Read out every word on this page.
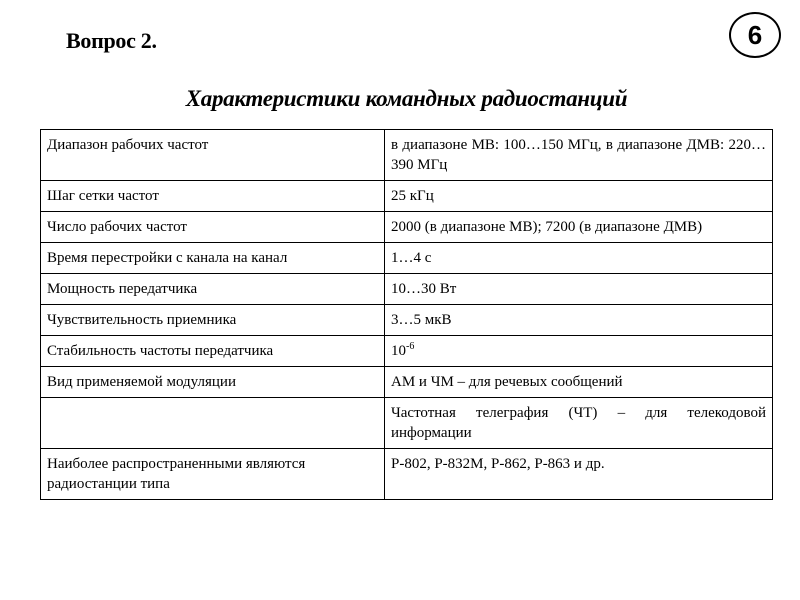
Вопрос 2.	6
Характеристики командных радиостанций
Диапазон рабочих частот	в диапазоне МВ: 100…150 МГц, в диапазоне ДМВ: 220…390 МГц
Шаг сетки частот	25 кГц
Число рабочих частот	2000 (в диапазоне МВ); 7200 (в диапазоне ДМВ)
Время перестройки с канала на канал	1…4 с
Мощность передатчика	10…30 Вт
Чувствительность приемника	3…5 мкВ
Стабильность частоты передатчика	$10^{-6}$
Вид применяемой модуляции	АМ и ЧМ – для речевых сообщений
	Частотная телеграфия (ЧТ) – для телекодовой информации
Наиболее распространенными являются радиостанции типа	Р-802, Р-832М, Р-862, Р-863 и др.
